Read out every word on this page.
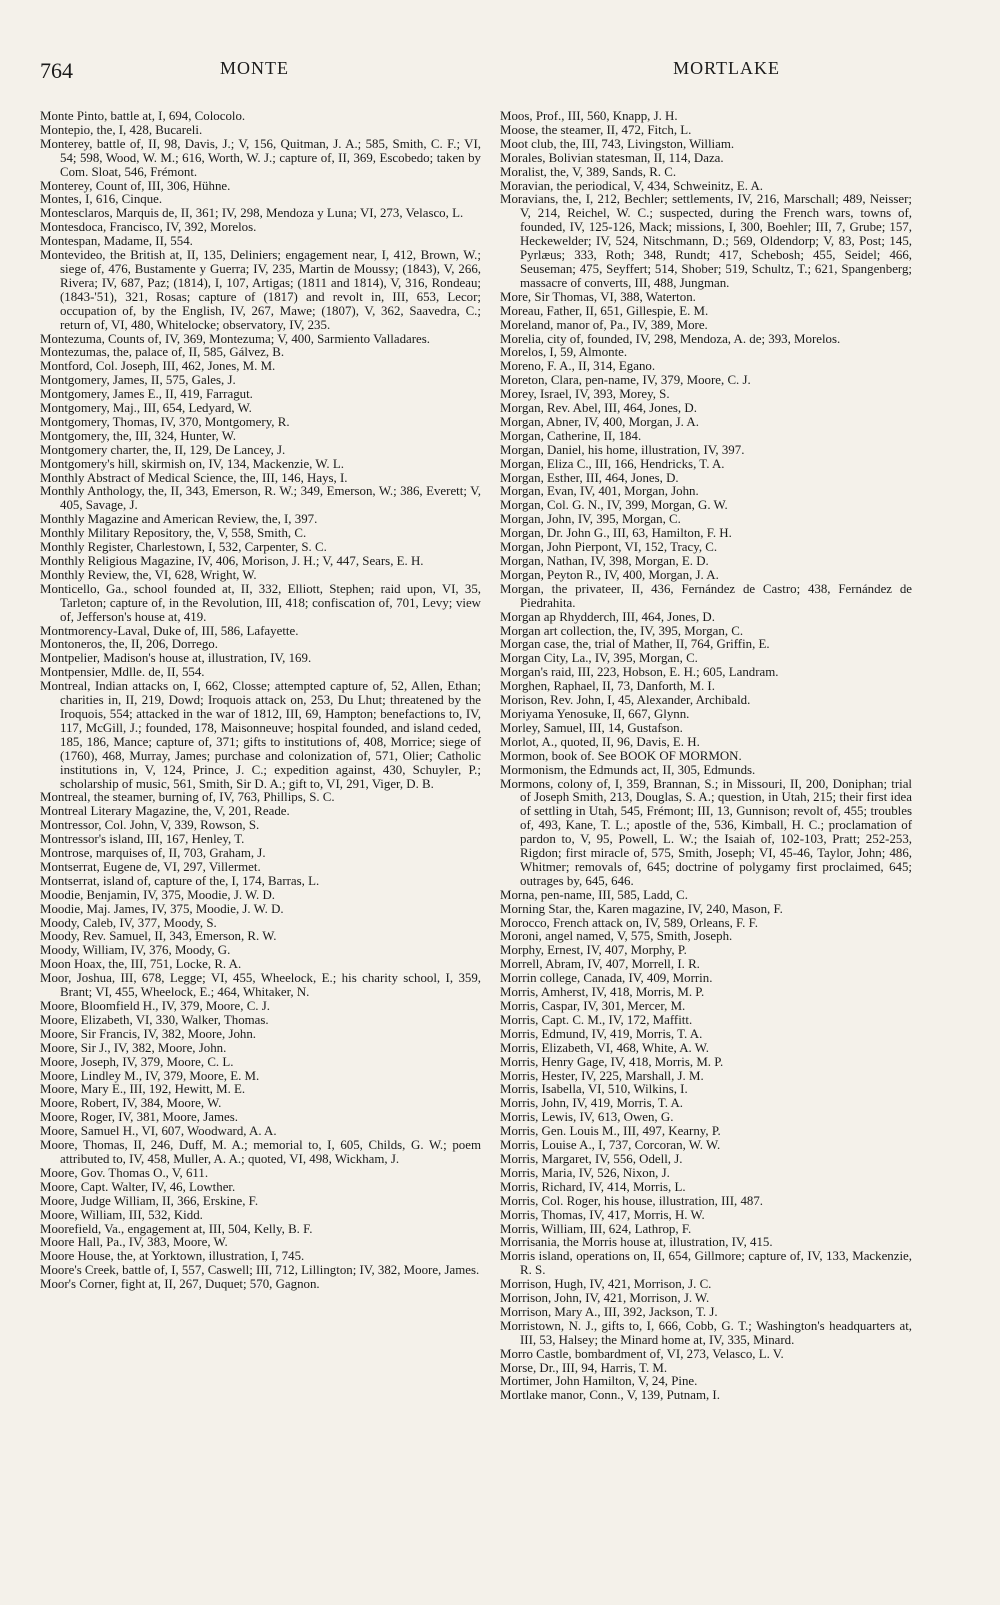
764	MONTE	MORTLAKE

Monte Pinto, battle at, I, 694, Colocolo.

Montepio, the, I, 428, Bucareli.

Monterey, battle of, II, 98, Davis, J.; V, 156, Quitman, J. A.; 585, Smith, C. F.; VI, 54; 598, Wood, W. M.; 616, Worth, W. J.; capture of, II, 369, Escobedo; taken by Com. Sloat, 546, Frémont.

Monterey, Count of, III, 306, Hühne.

Montes, I, 616, Cinque.

Montesclaros, Marquis de, II, 361; IV, 298, Mendoza y Luna; VI, 273, Velasco, L.

Montesdoca, Francisco, IV, 392, Morelos.

Montespan, Madame, II, 554.

Montevideo, the British at, II, 135, Deliniers; engagement near, I, 412, Brown, W.; siege of, 476, Bustamente y Guerra; IV, 235, Martin de Moussy; (1843), V, 266, Rivera; IV, 687, Paz; (1814), I, 107, Artigas; (1811 and 1814), V, 316, Rondeau; (1843-'51), 321, Rosas; capture of (1817) and revolt in, III, 653, Lecor; occupation of, by the English, IV, 267, Mawe; (1807), V, 362, Saavedra, C.; return of, VI, 480, Whitelocke; observatory, IV, 235.

Montezuma, Counts of, IV, 369, Montezuma; V, 400, Sarmiento Valladares.

Montezumas, the, palace of, II, 585, Gálvez, B.

Montford, Col. Joseph, III, 462, Jones, M. M.

Montgomery, James, II, 575, Gales, J.

Montgomery, James E., II, 419, Farragut.

Montgomery, Maj., III, 654, Ledyard, W.

Montgomery, Thomas, IV, 370, Montgomery, R.

Montgomery, the, III, 324, Hunter, W.

Montgomery charter, the, II, 129, De Lancey, J.

Montgomery's hill, skirmish on, IV, 134, Mackenzie, W. L.

Monthly Abstract of Medical Science, the, III, 146, Hays, I.

Monthly Anthology, the, II, 343, Emerson, R. W.; 349, Emerson, W.; 386, Everett; V, 405, Savage, J.

Monthly Magazine and American Review, the, I, 397.

Monthly Military Repository, the, V, 558, Smith, C.

Monthly Register, Charlestown, I, 532, Carpenter, S. C.

Monthly Religious Magazine, IV, 406, Morison, J. H.; V, 447, Sears, E. H.

Monthly Review, the, VI, 628, Wright, W.

Monticello, Ga., school founded at, II, 332, Elliott, Stephen; raid upon, VI, 35, Tarleton; capture of, in the Revolution, III, 418; confiscation of, 701, Levy; view of, Jefferson's house at, 419.

Montmorency-Laval, Duke of, III, 586, Lafayette.

Montoneros, the, II, 206, Dorrego.

Montpelier, Madison's house at, illustration, IV, 169.

Montpensier, Mdlle. de, II, 554.

Montreal, Indian attacks on, I, 662, Closse; attempted capture of, 52, Allen, Ethan; charities in, II, 219, Dowd; Iroquois attack on, 253, Du Lhut; threatened by the Iroquois, 554; attacked in the war of 1812, III, 69, Hampton; benefactions to, IV, 117, McGill, J.; founded, 178, Maisonneuve; hospital founded, and island ceded, 185, 186, Mance; capture of, 371; gifts to institutions of, 408, Morrice; siege of (1760), 468, Murray, James; purchase and colonization of, 571, Olier; Catholic institutions in, V, 124, Prince, J. C.; expedition against, 430, Schuyler, P.; scholarship of music, 561, Smith, Sir D. A.; gift to, VI, 291, Viger, D. B.

Montreal, the steamer, burning of, IV, 763, Phillips, S. C.

Montreal Literary Magazine, the, V, 201, Reade.

Montressor, Col. John, V, 339, Rowson, S.

Montressor's island, III, 167, Henley, T.

Montrose, marquises of, II, 703, Graham, J.

Montserrat, Eugene de, VI, 297, Villermet.

Montserrat, island of, capture of the, I, 174, Barras, L.

Moodie, Benjamin, IV, 375, Moodie, J. W. D.

Moodie, Maj. James, IV, 375, Moodie, J. W. D.

Moody, Caleb, IV, 377, Moody, S.

Moody, Rev. Samuel, II, 343, Emerson, R. W.

Moody, William, IV, 376, Moody, G.

Moon Hoax, the, III, 751, Locke, R. A.

Moor, Joshua, III, 678, Legge; VI, 455, Wheelock, E.; his charity school, I, 359, Brant; VI, 455, Wheelock, E.; 464, Whitaker, N.

Moore, Bloomfield H., IV, 379, Moore, C. J.

Moore, Elizabeth, VI, 330, Walker, Thomas.

Moore, Sir Francis, IV, 382, Moore, John.

Moore, Sir J., IV, 382, Moore, John.

Moore, Joseph, IV, 379, Moore, C. L.

Moore, Lindley M., IV, 379, Moore, E. M.

Moore, Mary E., III, 192, Hewitt, M. E.

Moore, Robert, IV, 384, Moore, W.

Moore, Roger, IV, 381, Moore, James.

Moore, Samuel H., VI, 607, Woodward, A. A.

Moore, Thomas, II, 246, Duff, M. A.; memorial to, I, 605, Childs, G. W.; poem attributed to, IV, 458, Muller, A. A.; quoted, VI, 498, Wickham, J.

Moore, Gov. Thomas O., V, 611.

Moore, Capt. Walter, IV, 46, Lowther.

Moore, Judge William, II, 366, Erskine, F.

Moore, William, III, 532, Kidd.

Moorefield, Va., engagement at, III, 504, Kelly, B. F.

Moore Hall, Pa., IV, 383, Moore, W.

Moore House, the, at Yorktown, illustration, I, 745.

Moore's Creek, battle of, I, 557, Caswell; III, 712, Lillington; IV, 382, Moore, James.

Moor's Corner, fight at, II, 267, Duquet; 570, Gagnon.

Moos, Prof., III, 560, Knapp, J. H.

Moose, the steamer, II, 472, Fitch, L.

Moot club, the, III, 743, Livingston, William.

Morales, Bolivian statesman, II, 114, Daza.

Moralist, the, V, 389, Sands, R. C.

Moravian, the periodical, V, 434, Schweinitz, E. A.

Moravians, the, I, 212, Bechler; settlements, IV, 216, Marschall; 489, Neisser; V, 214, Reichel, W. C.; suspected, during the French wars, towns of, founded, IV, 125-126, Mack; missions, I, 300, Boehler; III, 7, Grube; 157, Heckewelder; IV, 524, Nitschmann, D.; 569, Oldendorp; V, 83, Post; 145, Pyrlæus; 333, Roth; 348, Rundt; 417, Schebosh; 455, Seidel; 466, Seuseman; 475, Seyffert; 514, Shober; 519, Schultz, T.; 621, Spangenberg; massacre of converts, III, 488, Jungman.

More, Sir Thomas, VI, 388, Waterton.

Moreau, Father, II, 651, Gillespie, E. M.

Moreland, manor of, Pa., IV, 389, More.

Morelia, city of, founded, IV, 298, Mendoza, A. de; 393, Morelos.

Morelos, I, 59, Almonte.

Moreno, F. A., II, 314, Egano.

Moreton, Clara, pen-name, IV, 379, Moore, C. J.

Morey, Israel, IV, 393, Morey, S.

Morgan, Rev. Abel, III, 464, Jones, D.

Morgan, Abner, IV, 400, Morgan, J. A.

Morgan, Catherine, II, 184.

Morgan, Daniel, his home, illustration, IV, 397.

Morgan, Eliza C., III, 166, Hendricks, T. A.

Morgan, Esther, III, 464, Jones, D.

Morgan, Evan, IV, 401, Morgan, John.

Morgan, Col. G. N., IV, 399, Morgan, G. W.

Morgan, John, IV, 395, Morgan, C.

Morgan, Dr. John G., III, 63, Hamilton, F. H.

Morgan, John Pierpont, VI, 152, Tracy, C.

Morgan, Nathan, IV, 398, Morgan, E. D.

Morgan, Peyton R., IV, 400, Morgan, J. A.

Morgan, the privateer, II, 436, Fernández de Castro; 438, Fernández de Piedrahita.

Morgan ap Rhydderch, III, 464, Jones, D.

Morgan art collection, the, IV, 395, Morgan, C.

Morgan case, the, trial of Mather, II, 764, Griffin, E.

Morgan City, La., IV, 395, Morgan, C.

Morgan's raid, III, 223, Hobson, E. H.; 605, Landram.

Morghen, Raphael, II, 73, Danforth, M. I.

Morison, Rev. John, I, 45, Alexander, Archibald.

Moriyama Yenosuke, II, 667, Glynn.

Morley, Samuel, III, 14, Gustafson.

Morlot, A., quoted, II, 96, Davis, E. H.

Mormon, book of. See BOOK OF MORMON.

Mormonism, the Edmunds act, II, 305, Edmunds.

Mormons, colony of, I, 359, Brannan, S.; in Missouri, II, 200, Doniphan; trial of Joseph Smith, 213, Douglas, S. A.; question, in Utah, 215; their first idea of settling in Utah, 545, Frémont; III, 13, Gunnison; revolt of, 455; troubles of, 493, Kane, T. L.; apostle of the, 536, Kimball, H. C.; proclamation of pardon to, V, 95, Powell, L. W.; the Isaiah of, 102-103, Pratt; 252-253, Rigdon; first miracle of, 575, Smith, Joseph; VI, 45-46, Taylor, John; 486, Whitmer; removals of, 645; doctrine of polygamy first proclaimed, 645; outrages by, 645, 646.

Morna, pen-name, III, 585, Ladd, C.

Morning Star, the, Karen magazine, IV, 240, Mason, F.

Morocco, French attack on, IV, 589, Orleans, F. F.

Moroni, angel named, V, 575, Smith, Joseph.

Morphy, Ernest, IV, 407, Morphy, P.

Morrell, Abram, IV, 407, Morrell, I. R.

Morrin college, Canada, IV, 409, Morrin.

Morris, Amherst, IV, 418, Morris, M. P.

Morris, Caspar, IV, 301, Mercer, M.

Morris, Capt. C. M., IV, 172, Maffitt.

Morris, Edmund, IV, 419, Morris, T. A.

Morris, Elizabeth, VI, 468, White, A. W.

Morris, Henry Gage, IV, 418, Morris, M. P.

Morris, Hester, IV, 225, Marshall, J. M.

Morris, Isabella, VI, 510, Wilkins, I.

Morris, John, IV, 419, Morris, T. A.

Morris, Lewis, IV, 613, Owen, G.

Morris, Gen. Louis M., III, 497, Kearny, P.

Morris, Louise A., I, 737, Corcoran, W. W.

Morris, Margaret, IV, 556, Odell, J.

Morris, Maria, IV, 526, Nixon, J.

Morris, Richard, IV, 414, Morris, L.

Morris, Col. Roger, his house, illustration, III, 487.

Morris, Thomas, IV, 417, Morris, H. W.

Morris, William, III, 624, Lathrop, F.

Morrisania, the Morris house at, illustration, IV, 415.

Morris island, operations on, II, 654, Gillmore; capture of, IV, 133, Mackenzie, R. S.

Morrison, Hugh, IV, 421, Morrison, J. C.

Morrison, John, IV, 421, Morrison, J. W.

Morrison, Mary A., III, 392, Jackson, T. J.

Morristown, N. J., gifts to, I, 666, Cobb, G. T.; Washington's headquarters at, III, 53, Halsey; the Minard home at, IV, 335, Minard.

Morro Castle, bombardment of, VI, 273, Velasco, L. V.

Morse, Dr., III, 94, Harris, T. M.

Mortimer, John Hamilton, V, 24, Pine.

Mortlake manor, Conn., V, 139, Putnam, I.
